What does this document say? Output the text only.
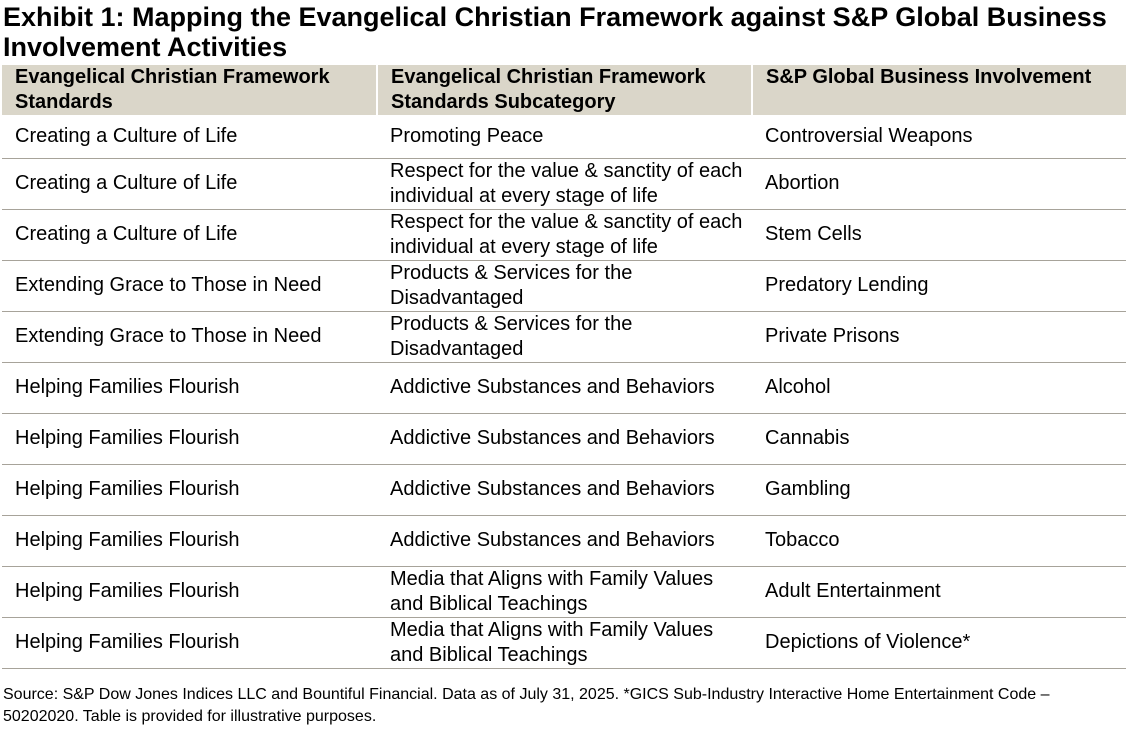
Exhibit 1: Mapping the Evangelical Christian Framework against S&P Global Business Involvement Activities
Evangelical Christian Framework Standards	Evangelical Christian Framework Standards Subcategory	S&P Global Business Involvement
Creating a Culture of Life	Promoting Peace	Controversial Weapons
Creating a Culture of Life	Respect for the value & sanctity of each individual at every stage of life	Abortion
Creating a Culture of Life	Respect for the value & sanctity of each individual at every stage of life	Stem Cells
Extending Grace to Those in Need	Products & Services for the Disadvantaged	Predatory Lending
Extending Grace to Those in Need	Products & Services for the Disadvantaged	Private Prisons
Helping Families Flourish	Addictive Substances and Behaviors	Alcohol
Helping Families Flourish	Addictive Substances and Behaviors	Cannabis
Helping Families Flourish	Addictive Substances and Behaviors	Gambling
Helping Families Flourish	Addictive Substances and Behaviors	Tobacco
Helping Families Flourish	Media that Aligns with Family Values and Biblical Teachings	Adult Entertainment
Helping Families Flourish	Media that Aligns with Family Values and Biblical Teachings	Depictions of Violence*

Source: S&P Dow Jones Indices LLC and Bountiful Financial. Data as of July 31, 2025. *GICS Sub-Industry Interactive Home Entertainment Code – 50202020. Table is provided for illustrative purposes.
